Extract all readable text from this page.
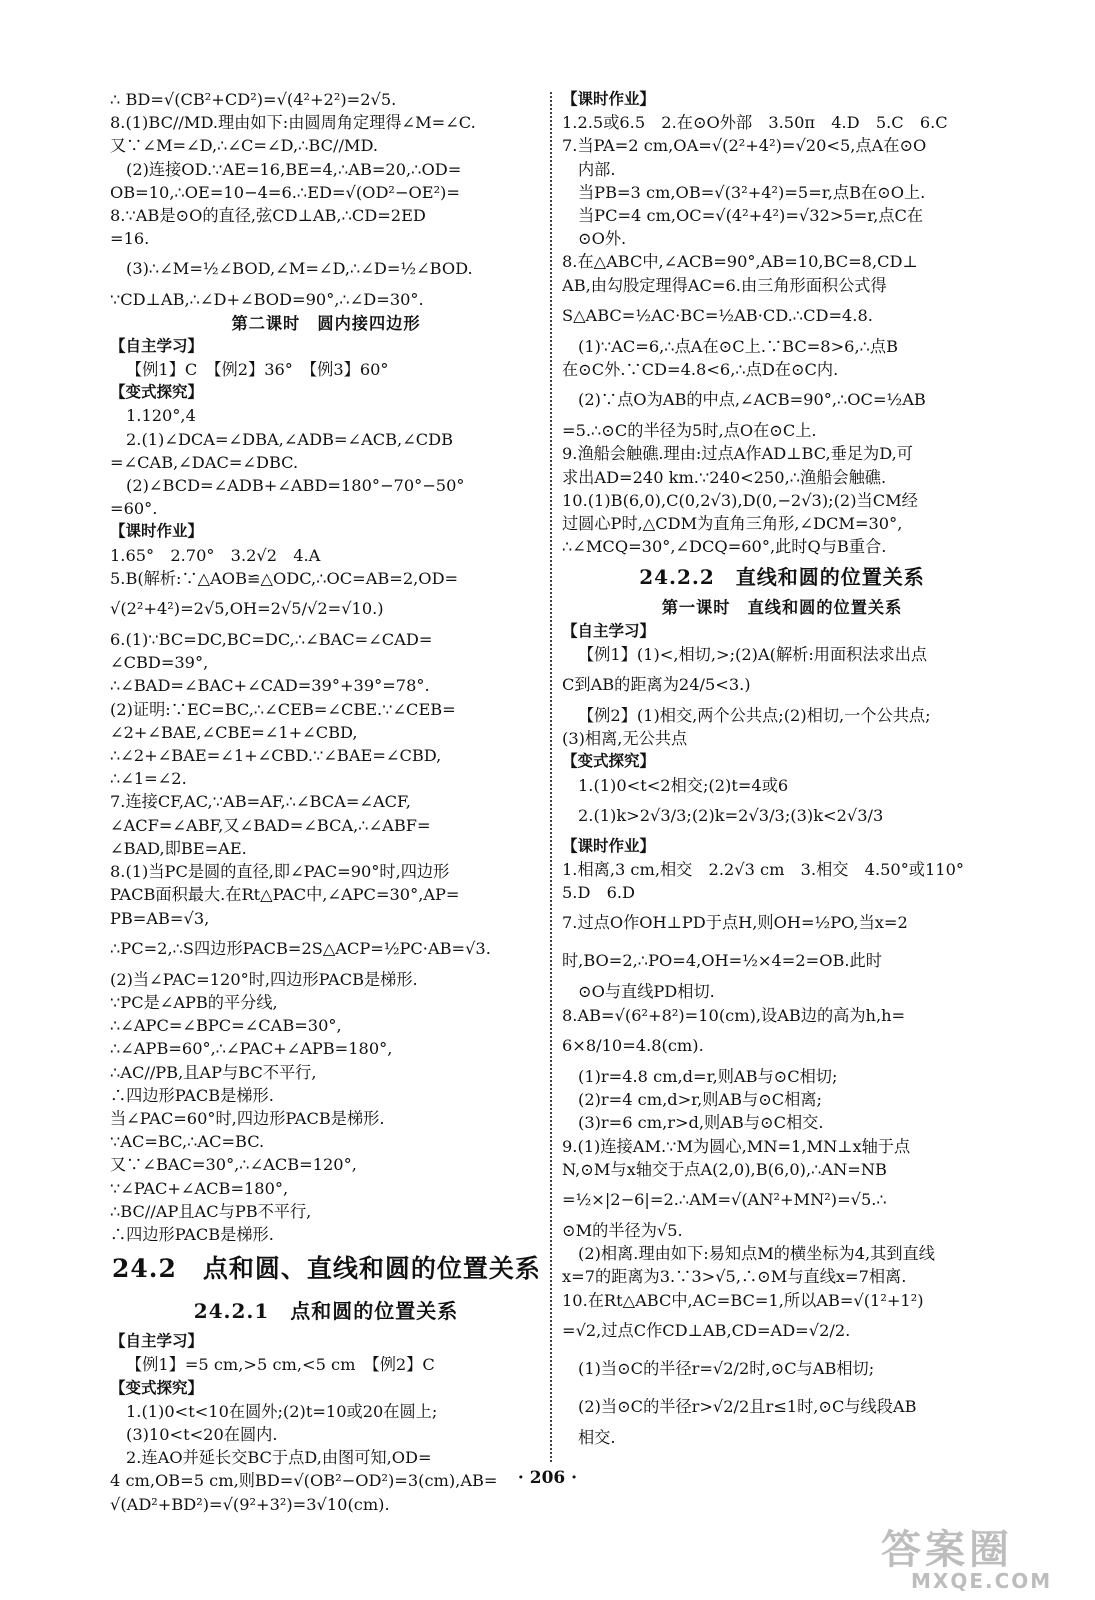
∴ BD=√(CB²+CD²)=√(4²+2²)=2√5.
8.(1)BC//MD.理由如下:由圆周角定理得∠M=∠C.
又∵∠M=∠D,∴∠C=∠D,∴BC//MD.
(2)连接OD.∵AE=16,BE=4,∴AB=20,∴OD=
OB=10,∴OE=10−4=6.∴ED=√(OD²−OE²)=
8.∵AB是⊙O的直径,弦CD⊥AB,∴CD=2ED
=16.
(3)∴∠M=½∠BOD,∠M=∠D,∴∠D=½∠BOD.
∵CD⊥AB,∴∠D+∠BOD=90°,∴∠D=30°.
第二课时　圆内接四边形
【自主学习】
【例1】C　【例2】36°　【例3】60°
【变式探究】
1.120°,4
2.(1)∠DCA=∠DBA,∠ADB=∠ACB,∠CDB
=∠CAB,∠DAC=∠DBC.
(2)∠BCD=∠ADB+∠ABD=180°−70°−50°
=60°.
【课时作业】
1.65°　2.70°　3.2√2　4.A
5.B(解析:∵△AOB≌△ODC,∴OC=AB=2,OD=
√(2²+4²)=2√5,OH=2√5/√2=√10.)
6.(1)∵BC=DC,BC=DC,∴∠BAC=∠CAD=
∠CBD=39°,
∴∠BAD=∠BAC+∠CAD=39°+39°=78°.
(2)证明:∵EC=BC,∴∠CEB=∠CBE.∵∠CEB=
∠2+∠BAE,∠CBE=∠1+∠CBD,
∴∠2+∠BAE=∠1+∠CBD.∵∠BAE=∠CBD,
∴∠1=∠2.
7.连接CF,AC,∵AB=AF,∴∠BCA=∠ACF,
∠ACF=∠ABF,又∠BAD=∠BCA,∴∠ABF=
∠BAD,即BE=AE.
8.(1)当PC是圆的直径,即∠PAC=90°时,四边形
PACB面积最大.在Rt△PAC中,∠APC=30°,AP=
PB=AB=√3,
∴PC=2,∴S四边形PACB=2S△ACP=½PC·AB=√3.
(2)当∠PAC=120°时,四边形PACB是梯形.
∵PC是∠APB的平分线,
∴∠APC=∠BPC=∠CAB=30°,
∴∠APB=60°,∴∠PAC+∠APB=180°,
∴AC//PB,且AP与BC不平行,
∴四边形PACB是梯形.
当∠PAC=60°时,四边形PACB是梯形.
∵AC=BC,∴AC=BC.
又∵∠BAC=30°,∴∠ACB=120°,
∵∠PAC+∠ACB=180°,
∴BC//AP且AC与PB不平行,
∴四边形PACB是梯形.
24.2　点和圆、直线和圆的位置关系
24.2.1　点和圆的位置关系
【自主学习】
【例1】=5 cm,>5 cm,<5 cm　【例2】C
【变式探究】
1.(1)0<t<10在圆外;(2)t=10或20在圆上;
(3)10<t<20在圆内.
2.连AO并延长交BC于点D,由图可知,OD=
4 cm,OB=5 cm,则BD=√(OB²−OD²)=3(cm),AB=
√(AD²+BD²)=√(9²+3²)=3√10(cm).
【课时作业】
1.2.5或6.5　2.在⊙O外部　3.50π　4.D　5.C　6.C
7.当PA=2 cm,OA=√(2²+4²)=√20<5,点A在⊙O
内部.
当PB=3 cm,OB=√(3²+4²)=5=r,点B在⊙O上.
当PC=4 cm,OC=√(4²+4²)=√32>5=r,点C在
⊙O外.
8.在△ABC中,∠ACB=90°,AB=10,BC=8,CD⊥
AB,由勾股定理得AC=6.由三角形面积公式得
S△ABC=½AC·BC=½AB·CD.∴CD=4.8.
(1)∵AC=6,∴点A在⊙C上.∵BC=8>6,∴点B
在⊙C外.∵CD=4.8<6,∴点D在⊙C内.
(2)∵点O为AB的中点,∠ACB=90°,∴OC=½AB
=5.∴⊙C的半径为5时,点O在⊙C上.
9.渔船会触礁.理由:过点A作AD⊥BC,垂足为D,可
求出AD=240 km.∵240<250,∴渔船会触礁.
10.(1)B(6,0),C(0,2√3),D(0,−2√3);(2)当CM经
过圆心P时,△CDM为直角三角形,∠DCM=30°,
∴∠MCQ=30°,∠DCQ=60°,此时Q与B重合.
24.2.2　直线和圆的位置关系
第一课时　直线和圆的位置关系
【自主学习】
【例1】(1)<,相切,>;(2)A(解析:用面积法求出点
C到AB的距离为24/5<3.)
【例2】(1)相交,两个公共点;(2)相切,一个公共点;
(3)相离,无公共点
【变式探究】
1.(1)0<t<2相交;(2)t=4或6
2.(1)k>2√3/3;(2)k=2√3/3;(3)k<2√3/3
【课时作业】
1.相离,3 cm,相交　2.2√3 cm　3.相交　4.50°或110°
5.D　6.D
7.过点O作OH⊥PD于点H,则OH=½PO,当x=2
时,BO=2,∴PO=4,OH=½×4=2=OB.此时
⊙O与直线PD相切.
8.AB=√(6²+8²)=10(cm),设AB边的高为h,h=
6×8/10=4.8(cm).
(1)r=4.8 cm,d=r,则AB与⊙C相切;
(2)r=4 cm,d>r,则AB与⊙C相离;
(3)r=6 cm,r>d,则AB与⊙C相交.
9.(1)连接AM.∵M为圆心,MN=1,MN⊥x轴于点
N,⊙M与x轴交于点A(2,0),B(6,0),∴AN=NB
=½×|2−6|=2.∴AM=√(AN²+MN²)=√5.∴
⊙M的半径为√5.
(2)相离.理由如下:易知点M的横坐标为4,其到直线
x=7的距离为3.∵3>√5,∴⊙M与直线x=7相离.
10.在Rt△ABC中,AC=BC=1,所以AB=√(1²+1²)
=√2,过点C作CD⊥AB,CD=AD=√2/2.
(1)当⊙C的半径r=√2/2时,⊙C与AB相切;
(2)当⊙C的半径r>√2/2且r≤1时,⊙C与线段AB
相交.
· 206 ·
答案圈
MXQE.COM
